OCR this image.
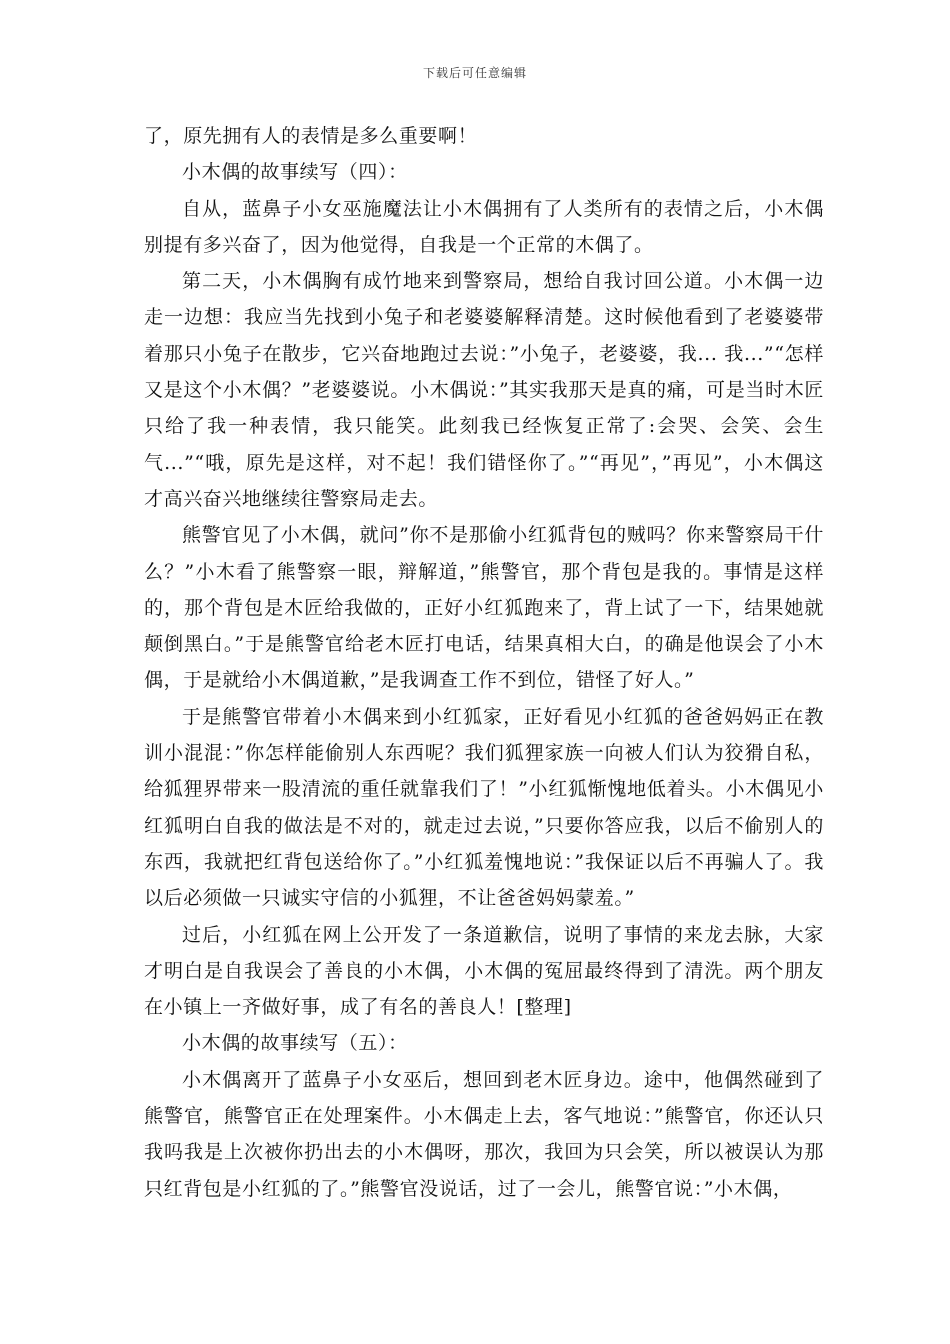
下载后可任意编辑

了，原先拥有人的表情是多么重要啊！

小木偶的故事续写（四）：

自从，蓝鼻子小女巫施魔法让小木偶拥有了人类所有的表情之后，小木偶别提有多兴奋了，因为他觉得，自我是一个正常的木偶了。

第二天，小木偶胸有成竹地来到警察局，想给自我讨回公道。小木偶一边走一边想：我应当先找到小兔子和老婆婆解释清楚。这时候他看到了老婆婆带着那只小兔子在散步，它兴奋地跑过去说：”小兔子，老婆婆，我... 我...”“怎样又是这个小木偶？”老婆婆说。小木偶说：”其实我那天是真的痛，可是当时木匠只给了我一种表情，我只能笑。此刻我已经恢复正常了:会哭、会笑、会生气...”“哦，原先是这样，对不起！我们错怪你了。”“再见”，”再见”，小木偶这才高兴奋兴地继续往警察局走去。

熊警官见了小木偶，就问”你不是那偷小红狐背包的贼吗？你来警察局干什么？”小木看了熊警察一眼，辩解道，”熊警官，那个背包是我的。事情是这样的，那个背包是木匠给我做的，正好小红狐跑来了，背上试了一下，结果她就颠倒黑白。”于是熊警官给老木匠打电话，结果真相大白，的确是他误会了小木偶，于是就给小木偶道歉，”是我调查工作不到位，错怪了好人。”

于是熊警官带着小木偶来到小红狐家，正好看见小红狐的爸爸妈妈正在教训小混混：”你怎样能偷别人东西呢？我们狐狸家族一向被人们认为狡猾自私，给狐狸界带来一股清流的重任就靠我们了！”小红狐惭愧地低着头。小木偶见小红狐明白自我的做法是不对的，就走过去说，”只要你答应我，以后不偷别人的东西，我就把红背包送给你了。”小红狐羞愧地说：”我保证以后不再骗人了。我以后必须做一只诚实守信的小狐狸，不让爸爸妈妈蒙羞。”

过后，小红狐在网上公开发了一条道歉信，说明了事情的来龙去脉，大家才明白是自我误会了善良的小木偶，小木偶的冤屈最终得到了清洗。两个朋友在小镇上一齐做好事，成了有名的善良人！[整理]

小木偶的故事续写（五）：

小木偶离开了蓝鼻子小女巫后，想回到老木匠身边。途中，他偶然碰到了熊警官，熊警官正在处理案件。小木偶走上去，客气地说：”熊警官，你还认只我吗我是上次被你扔出去的小木偶呀，那次，我回为只会笑，所以被误认为那只红背包是小红狐的了。”熊警官没说话，过了一会儿，熊警官说：”小木偶，
